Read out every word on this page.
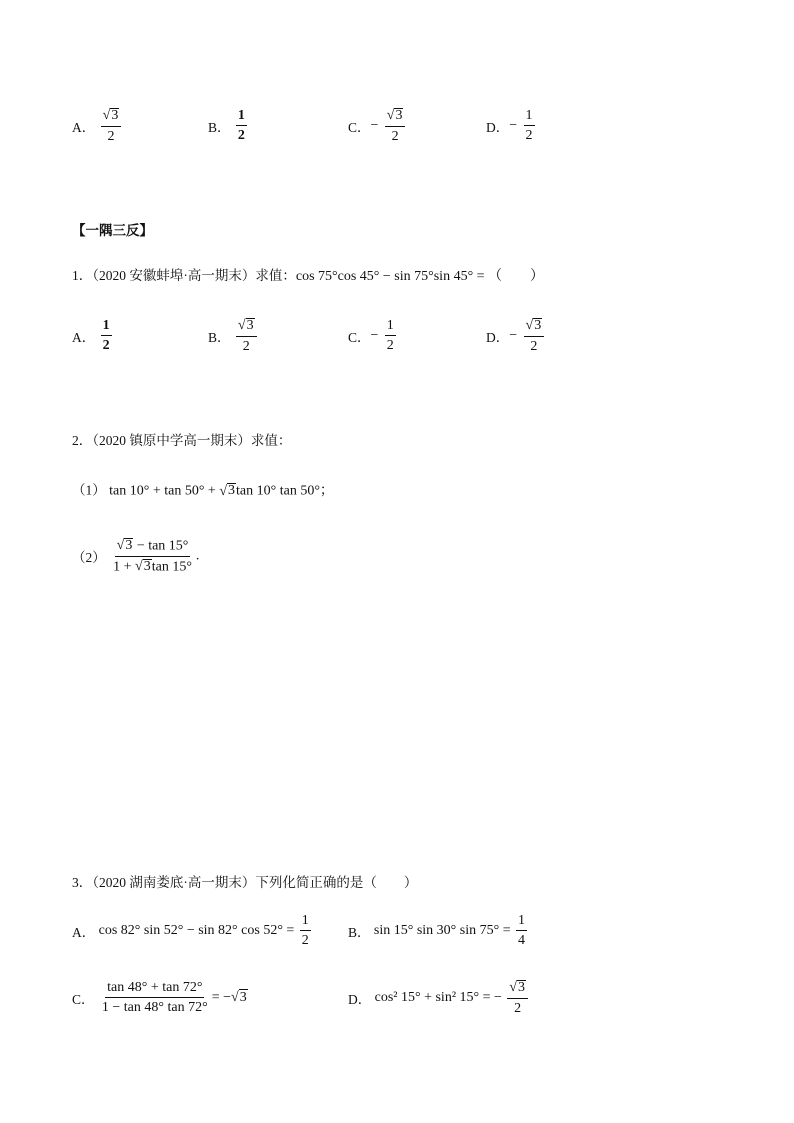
A． $\frac{√ 3}{2}$	B． $\frac{1}{2}$	C．− $\frac{√ 3}{2}$	D．− $\frac{1}{2}$
【一隅三反】
1．（2020 安徽蚌埠·高一期末）求值：cos 75°cos 45° − sin 75°sin 45° = （　　）
A． $\frac{1}{2}$	B． $\frac{√ 3}{2}$	C．− $\frac{1}{2}$	D．− $\frac{√ 3}{2}$
2．（2020 镇原中学高一期末）求值：
（1） tan 10° + tan 50° + √ 3 tan 10° tan 50°；
$(2) \frac{√ 3 - \tan 15^\circ}{1 + √ 3 \tan 15^\circ}$ .
3．（2020 湖南娄底·高一期末）下列化简正确的是（　　）
A． cos 82° sin 52° − sin 82° $\cos 52^\circ = \frac{1}{2}$	B． sin 15° sin 30° $\sin 75^\circ = \frac{1}{4}$
C． $\frac{\tan 48^\circ + \tan 72^\circ}{1 - \tan 48^\circ \tan 72^\circ} = -√3$	D． cos² 15° + sin² 15° = − $\frac{√ 3}{2}$
